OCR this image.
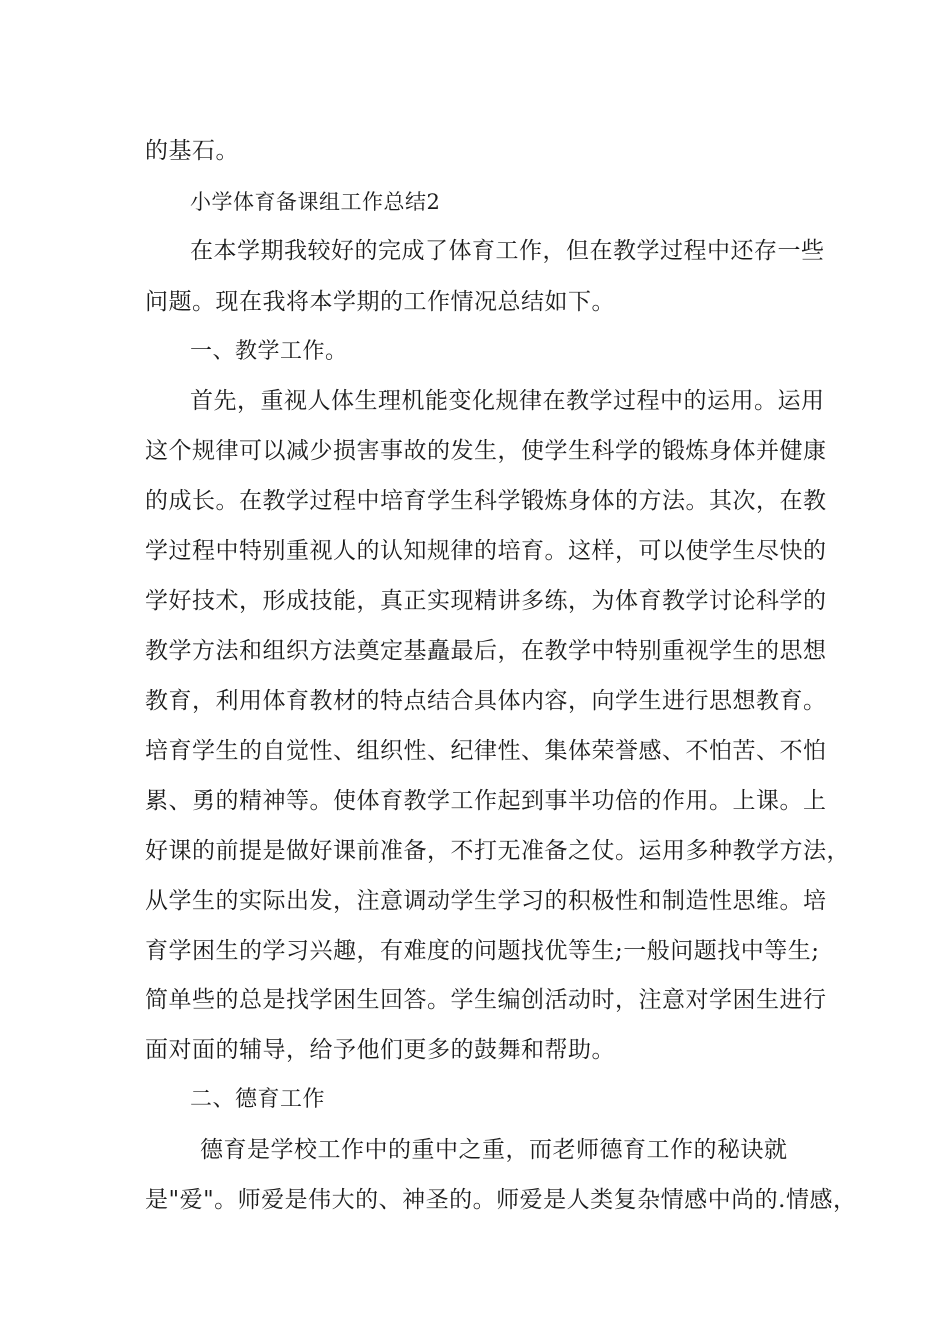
的基石。
小学体育备课组工作总结2
在本学期我较好的完成了体育工作，但在教学过程中还存一些
问题。现在我将本学期的工作情况总结如下。
一、教学工作。
首先，重视人体生理机能变化规律在教学过程中的运用。运用
这个规律可以减少损害事故的发生，使学生科学的锻炼身体并健康
的成长。在教学过程中培育学生科学锻炼身体的方法。其次，在教
学过程中特别重视人的认知规律的培育。这样，可以使学生尽快的
学好技术，形成技能，真正实现精讲多练，为体育教学讨论科学的
教学方法和组织方法奠定基矗最后，在教学中特别重视学生的思想
教育，利用体育教材的特点结合具体内容，向学生进行思想教育。
培育学生的自觉性、组织性、纪律性、集体荣誉感、不怕苦、不怕
累、勇的精神等。使体育教学工作起到事半功倍的作用。上课。上
好课的前提是做好课前准备，不打无准备之仗。运用多种教学方法，
从学生的实际出发，注意调动学生学习的积极性和制造性思维。培
育学困生的学习兴趣，有难度的问题找优等生;一般问题找中等生;
简单些的总是找学困生回答。学生编创活动时，注意对学困生进行
面对面的辅导，给予他们更多的鼓舞和帮助。
二、德育工作
德育是学校工作中的重中之重，而老师德育工作的秘诀就
是"爱"。师爱是伟大的、神圣的。师爱是人类复杂情感中尚的.情感，
